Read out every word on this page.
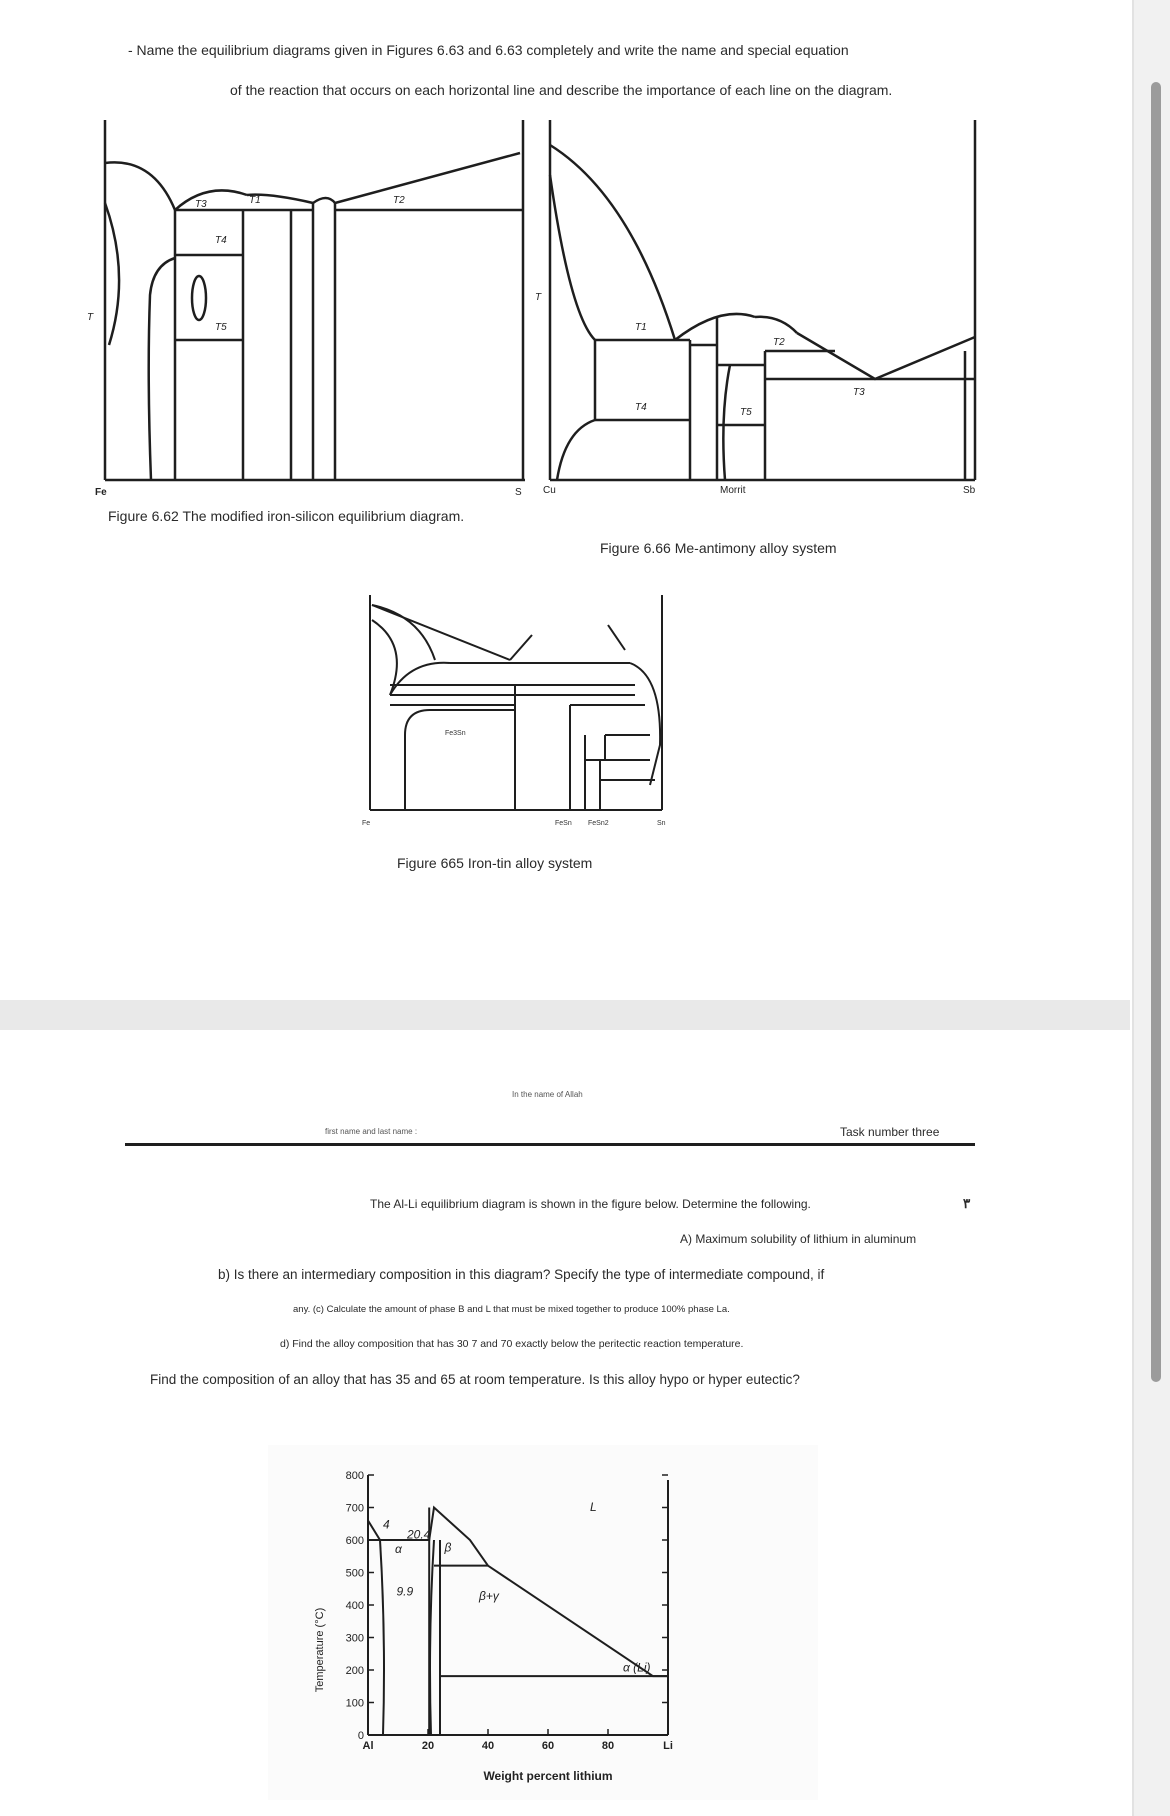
- Name the equilibrium diagrams given in Figures 6.63 and 6.63 completely and write the name and special equation
of the reaction that occurs on each horizontal line and describe the importance of each line on the diagram.
T3	T1	T2
T4
T5
T
Fe	S
Figure 6.62 The modified iron-silicon equilibrium diagram.
T1
T2
T3
T4	T5
T
Cu	Sb
Morrit
Figure 6.66 Me-antimony alloy system
Fe3Sn
Fe	Sn
FeSn FeSn2
Figure 665 Iron-tin alloy system
In the name of Allah
first name and last name :	Task number three
The Al-Li equilibrium diagram is shown in the figure below. Determine the following.	٣
A) Maximum solubility of lithium in aluminum
b) Is there an intermediary composition in this diagram? Specify the type of intermediate compound, if
any. (c) Calculate the amount of phase B and L that must be mixed together to produce 100% phase La.
d) Find the alloy composition that has 30 7 and 70 exactly below the peritectic reaction temperature.
Find the composition of an alloy that has 35 and 65 at room temperature. Is this alloy hypo or hyper eutectic?
0
100
200
300
400
500
600
700
800
Al	20	40	60	80	Li
α	β
L
β+γ
α (Li)
4
20.4
9.9
Temperature (°C)
Weight percent lithium
